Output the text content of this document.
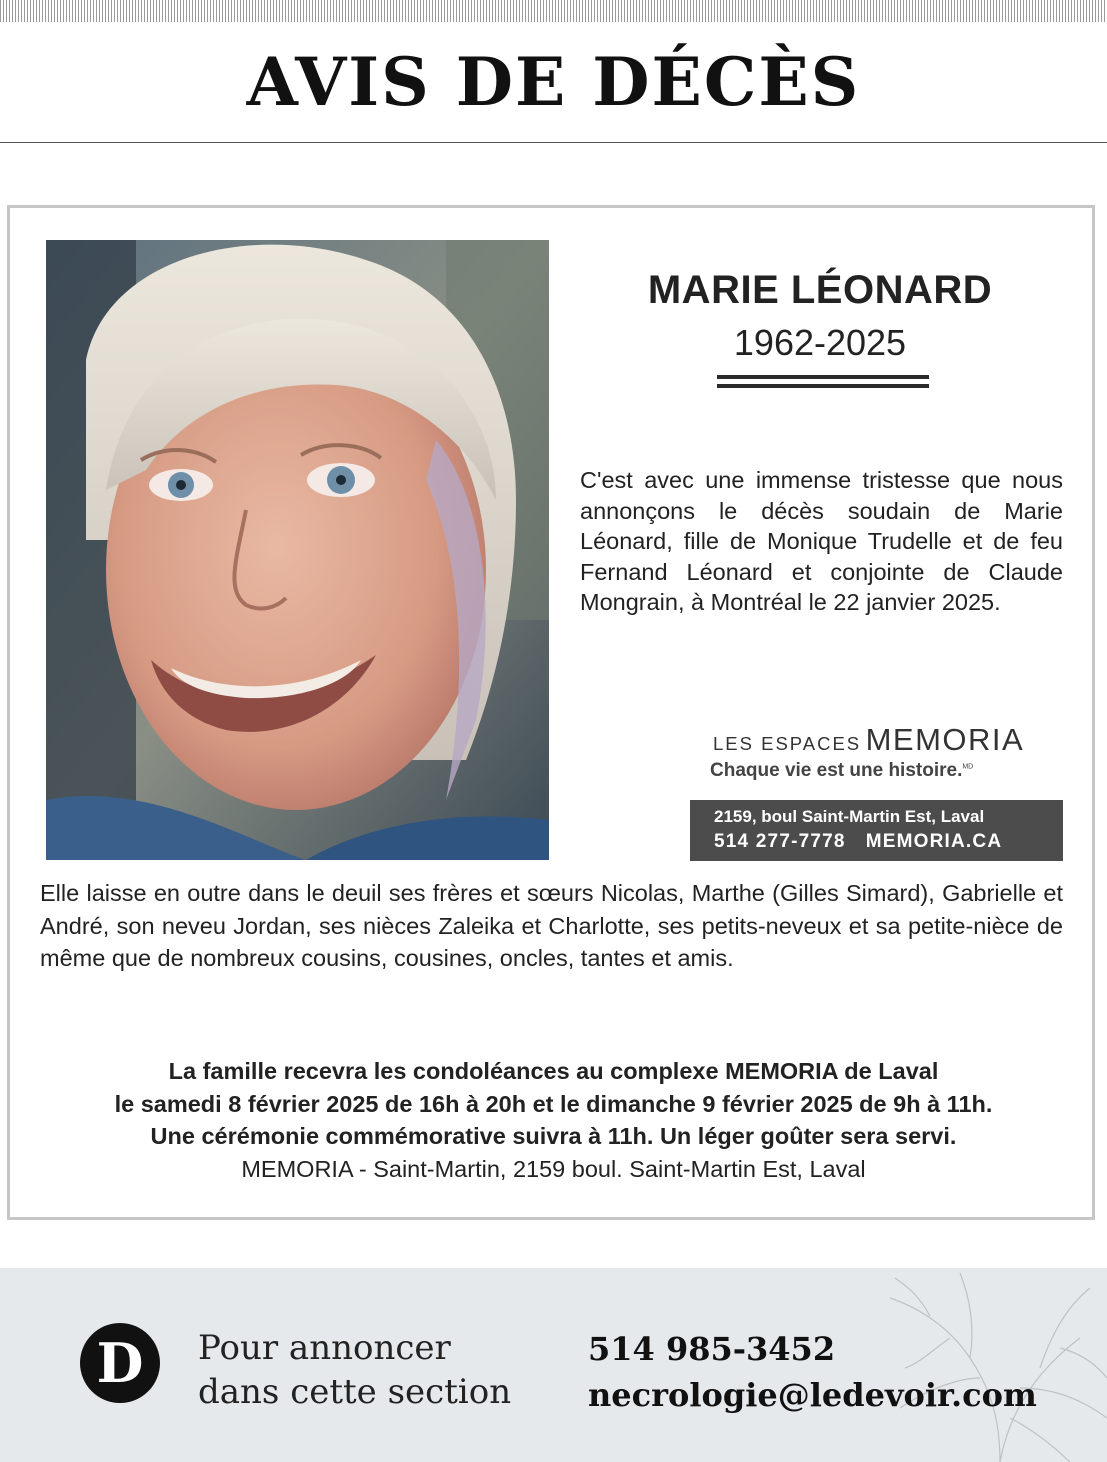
AVIS DE DÉCÈS
MARIE LÉONARD
1962-2025
C'est avec une immense tristesse que nous annonçons le décès soudain de Marie Léonard, fille de Monique Trudelle et de feu Fernand Léonard et conjointe de Claude Mongrain, à Montréal le 22 janvier 2025.
LES ESPACES MEMORIA
Chaque vie est une histoire.$^{MD}$
2159, boul Saint-Martin Est, Laval
514 277-7778 MEMORIA.CA
Elle laisse en outre dans le deuil ses frères et sœurs Nicolas, Marthe (Gilles Simard), Gabrielle et André, son neveu Jordan, ses nièces Zaleika et Charlotte, ses petits-neveux et sa petite-nièce de même que de nombreux cousins, cousines, oncles, tantes et amis.
La famille recevra les condoléances au complexe MEMORIA de Laval
le samedi 8 février 2025 de 16h à 20h et le dimanche 9 février 2025 de 9h à 11h.
Une cérémonie commémorative suivra à 11h. Un léger goûter sera servi.
MEMORIA - Saint-Martin, 2159 boul. Saint-Martin Est, Laval
D	Pour annoncer
dans cette section
514 985-3452
necrologie@ledevoir.com
